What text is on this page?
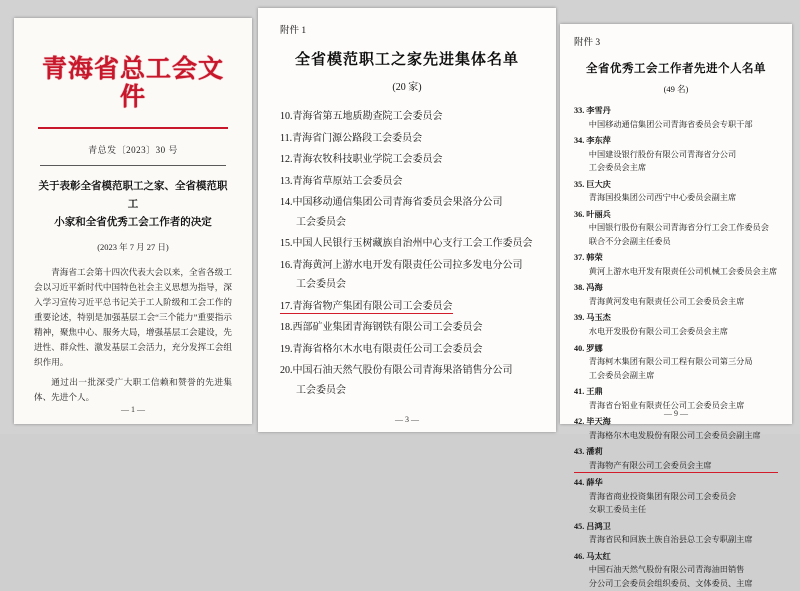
青海省总工会文件
青总发〔2023〕30 号
关于表彰全省模范职工之家、全省模范职工
小家和全省优秀工会工作者的决定
(2023 年 7 月 27 日)

青海省工会第十四次代表大会以来，全省各级工会以习近平新时代中国特色社会主义思想为指导，深入学习宣传习近平总书记关于工人阶级和工会工作的重要论述，特别是加强基层工会“三个能力”重要指示精神，聚焦中心、服务大局，增强基层工会建设，先进性、群众性、激发基层工会活力，充分发挥工会组织作用。

通过出一批深受广大职工信赖和赞誉的先进集体、先进个人。

— 1 —
附件 1
全省模范职工之家先进集体名单
(20 家)
10.青海省第五地质勘查院工会委员会
11.青海省门源公路段工会委员会
12.青海农牧科技职业学院工会委员会
13.青海省草原站工会委员会
14.中国移动通信集团公司青海省委员会果洛分公司
工会委员会
15.中国人民银行玉树藏族自治州中心支行工会工作委员会
16.青海黄河上游水电开发有限责任公司拉多发电分公司
工会委员会
17.青海省物产集团有限公司工会委员会
18.西部矿业集团青海钢铁有限公司工会委员会
19.青海省格尔木水电有限责任公司工会委员会
20.中国石油天然气股份有限公司青海果洛销售分公司
工会委员会
— 3 —
附件 3
全省优秀工会工作者先进个人名单
(49 名)
33. 李雪丹
中国移动通信集团公司青海省委员会专职干部
34. 李东萍
中国建设银行股份有限公司青海省分公司
工会委员会主席
35. 巨大庆
青海国投集团公司西宁中心委员会副主席
36. 叶丽兵
中国银行股份有限公司青海省分行工会工作委员会
联合不分会副主任委员
37. 韩荣
黄河上游水电开发有限责任公司机械工会委员会主席
38. 冯海
青海黄河发电有限责任公司工会委员会主席
39. 马玉杰
水电开发股份有限公司工会委员会主席
40. 罗娜
青海柯木集团有限公司工程有限公司第三分局
工会委员会副主席
41. 王鼎
青海省台铝业有限责任公司工会委员会主席
42. 毕天海
青海格尔木电发股份有限公司工会委员会副主席
43. 潘莉
青海物产有限公司工会委员会主席
44. 薛华
青海省商业投资集团有限公司工会委员会
女职工委员主任
45. 吕鸿卫
青海省民和回族土族自治县总工会专职副主席
46. 马太红
中国石油天然气股份有限公司青海油田销售
分公司工会委员会组织委员、文体委员、主席
— 9 —
